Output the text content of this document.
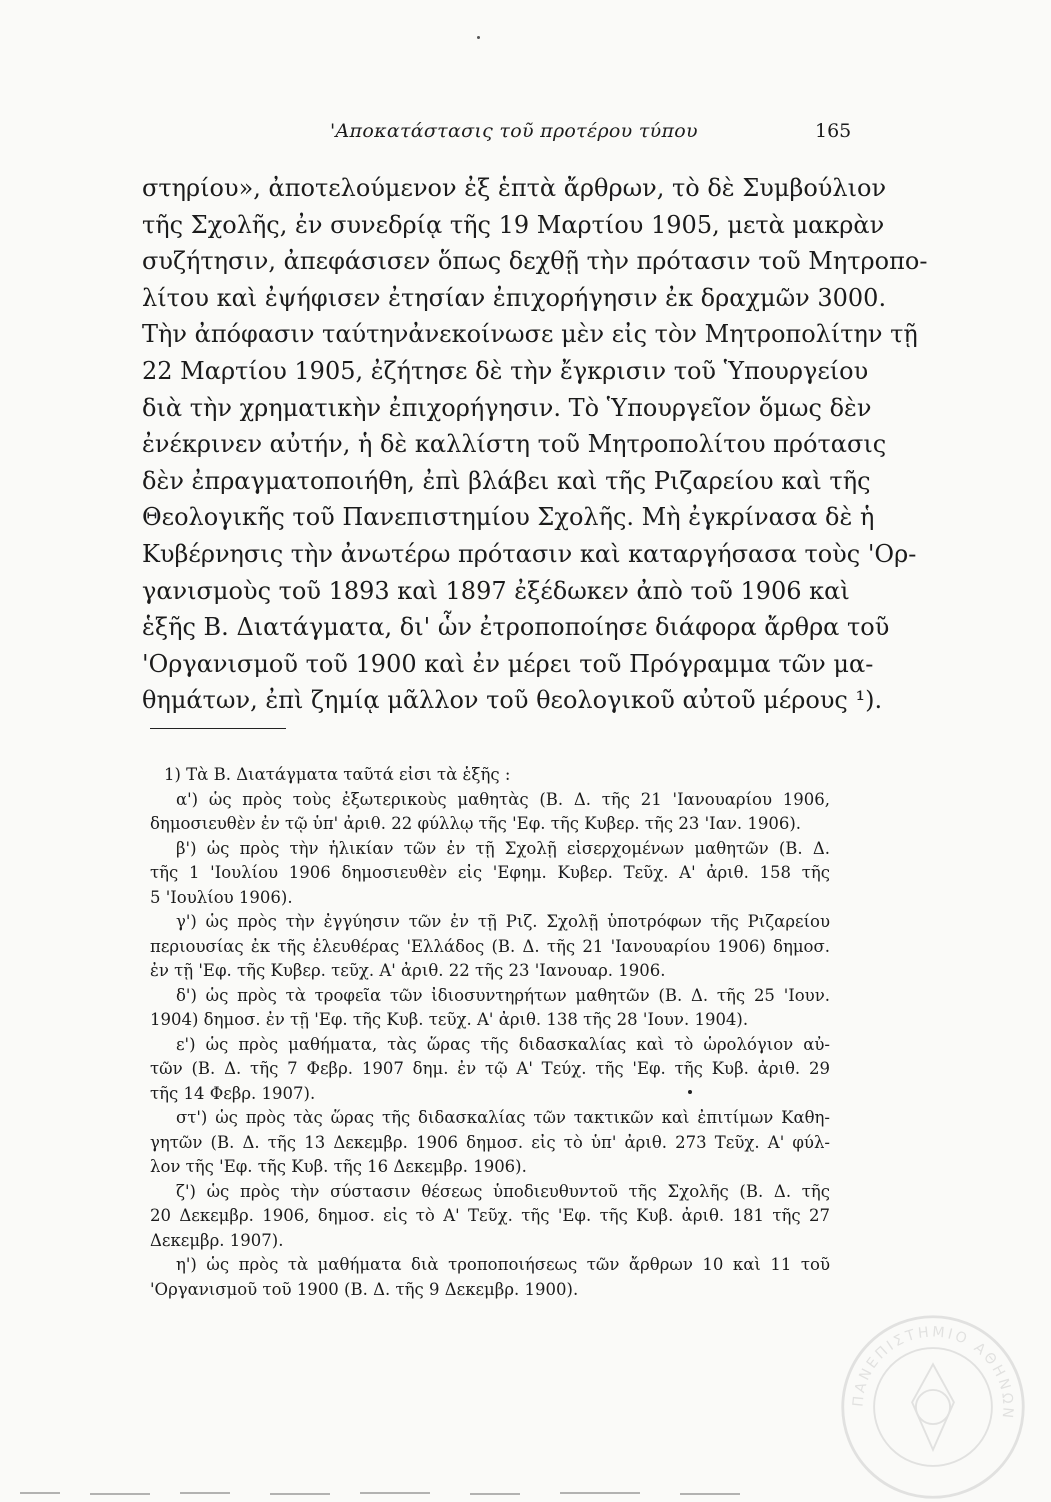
'Αποκατάστασις τοῦ προτέρου τύπου	165
στηρίου», ἀποτελούμενον ἐξ ἑπτὰ ἄρθρων, τὸ δὲ Συμβούλιον
τῆς Σχολῆς, ἐν συνεδρίᾳ τῆς 19 Μαρτίου 1905, μετὰ μακρὰν
συζήτησιν, ἀπεφάσισεν ὅπως δεχθῇ τὴν πρότασιν τοῦ Μητροπο-
λίτου καὶ ἐψήφισεν ἐτησίαν ἐπιχορήγησιν ἐκ δραχμῶν 3000.
Τὴν ἀπόφασιν ταύτηνἀνεκοίνωσε μὲν εἰς τὸν Μητροπολίτην τῇ
22 Μαρτίου 1905, ἐζήτησε δὲ τὴν ἔγκρισιν τοῦ Ὑπουργείου
διὰ τὴν χρηματικὴν ἐπιχορήγησιν. Τὸ Ὑπουργεῖον ὅμως δὲν
ἐνέκρινεν αὐτήν, ἡ δὲ καλλίστη τοῦ Μητροπολίτου πρότασις
δὲν ἐπραγματοποιήθη, ἐπὶ βλάβει καὶ τῆς Ριζαρείου καὶ τῆς
Θεολογικῆς τοῦ Πανεπιστημίου Σχολῆς. Μὴ ἐγκρίνασα δὲ ἡ
Κυβέρνησις τὴν ἀνωτέρω πρότασιν καὶ καταργήσασα τοὺς 'Ορ-
γανισμοὺς τοῦ 1893 καὶ 1897 ἐξέδωκεν ἀπὸ τοῦ 1906 καὶ
ἑξῆς Β. Διατάγματα, δι' ὧν ἐτροποποίησε διάφορα ἄρθρα τοῦ
'Οργανισμοῦ τοῦ 1900 καὶ ἐν μέρει τοῦ Πρόγραμμα τῶν μα-
θημάτων, ἐπὶ ζημίᾳ μᾶλλον τοῦ θεολογικοῦ αὐτοῦ μέρους ¹).
1) Τὰ Β. Διατάγματα ταῦτά εἰσι τὰ ἑξῆς :
α') ὡς πρὸς τοὺς ἐξωτερικοὺς μαθητὰς (Β. Δ. τῆς 21 'Ιανουαρίου 1906,
δημοσιευθὲν ἐν τῷ ὑπ' ἀριθ. 22 φύλλῳ τῆς 'Εφ. τῆς Κυβερ. τῆς 23 'Ιαν. 1906).
β') ὡς πρὸς τὴν ἡλικίαν τῶν ἐν τῇ Σχολῇ εἰσερχομένων μαθητῶν (Β. Δ.
τῆς 1 'Ιουλίου 1906 δημοσιευθὲν εἰς 'Εφημ. Κυβερ. Τεῦχ. Α' ἀριθ. 158 τῆς
5 'Ιουλίου 1906).
γ') ὡς πρὸς τὴν ἐγγύησιν τῶν ἐν τῇ Ριζ. Σχολῇ ὑποτρόφων τῆς Ριζαρείου
περιουσίας ἐκ τῆς ἐλευθέρας 'Ελλάδος (Β. Δ. τῆς 21 'Ιανουαρίου 1906) δημοσ.
ἐν τῇ 'Εφ. τῆς Κυβερ. τεῦχ. Α' ἀριθ. 22 τῆς 23 'Ιανουαρ. 1906.
δ') ὡς πρὸς τὰ τροφεῖα τῶν ἰδιοσυντηρήτων μαθητῶν (Β. Δ. τῆς 25 'Ιουν.
1904) δημοσ. ἐν τῇ 'Εφ. τῆς Κυβ. τεῦχ. Α' ἀριθ. 138 τῆς 28 'Ιουν. 1904).
ε') ὡς πρὸς μαθήματα, τὰς ὥρας τῆς διδασκαλίας καὶ τὸ ὡρολόγιον αὐ-
τῶν (Β. Δ. τῆς 7 Φεβρ. 1907 δημ. ἐν τῷ Α' Τεύχ. τῆς 'Εφ. τῆς Κυβ. ἀριθ. 29
τῆς 14 Φεβρ. 1907).
στ') ὡς πρὸς τὰς ὥρας τῆς διδασκαλίας τῶν τακτικῶν καὶ ἐπιτίμων Καθη-
γητῶν (Β. Δ. τῆς 13 Δεκεμβρ. 1906 δημοσ. εἰς τὸ ὑπ' ἀριθ. 273 Τεῦχ. Α' φύλ-
λον τῆς 'Εφ. τῆς Κυβ. τῆς 16 Δεκεμβρ. 1906).
ζ') ὡς πρὸς τὴν σύστασιν θέσεως ὑποδιευθυντοῦ τῆς Σχολῆς (Β. Δ. τῆς
20 Δεκεμβρ. 1906, δημοσ. εἰς τὸ Α' Τεῦχ. τῆς 'Εφ. τῆς Κυβ. ἀριθ. 181 τῆς 27
Δεκεμβρ. 1907).
η') ὡς πρὸς τὰ μαθήματα διὰ τροποποιήσεως τῶν ἄρθρων 10 καὶ 11 τοῦ
'Οργανισμοῦ τοῦ 1900 (Β. Δ. τῆς 9 Δεκεμβρ. 1900).
ΠΑΝΕΠΙΣΤΗΜΙΟ ΑΘΗΝΩΝ
